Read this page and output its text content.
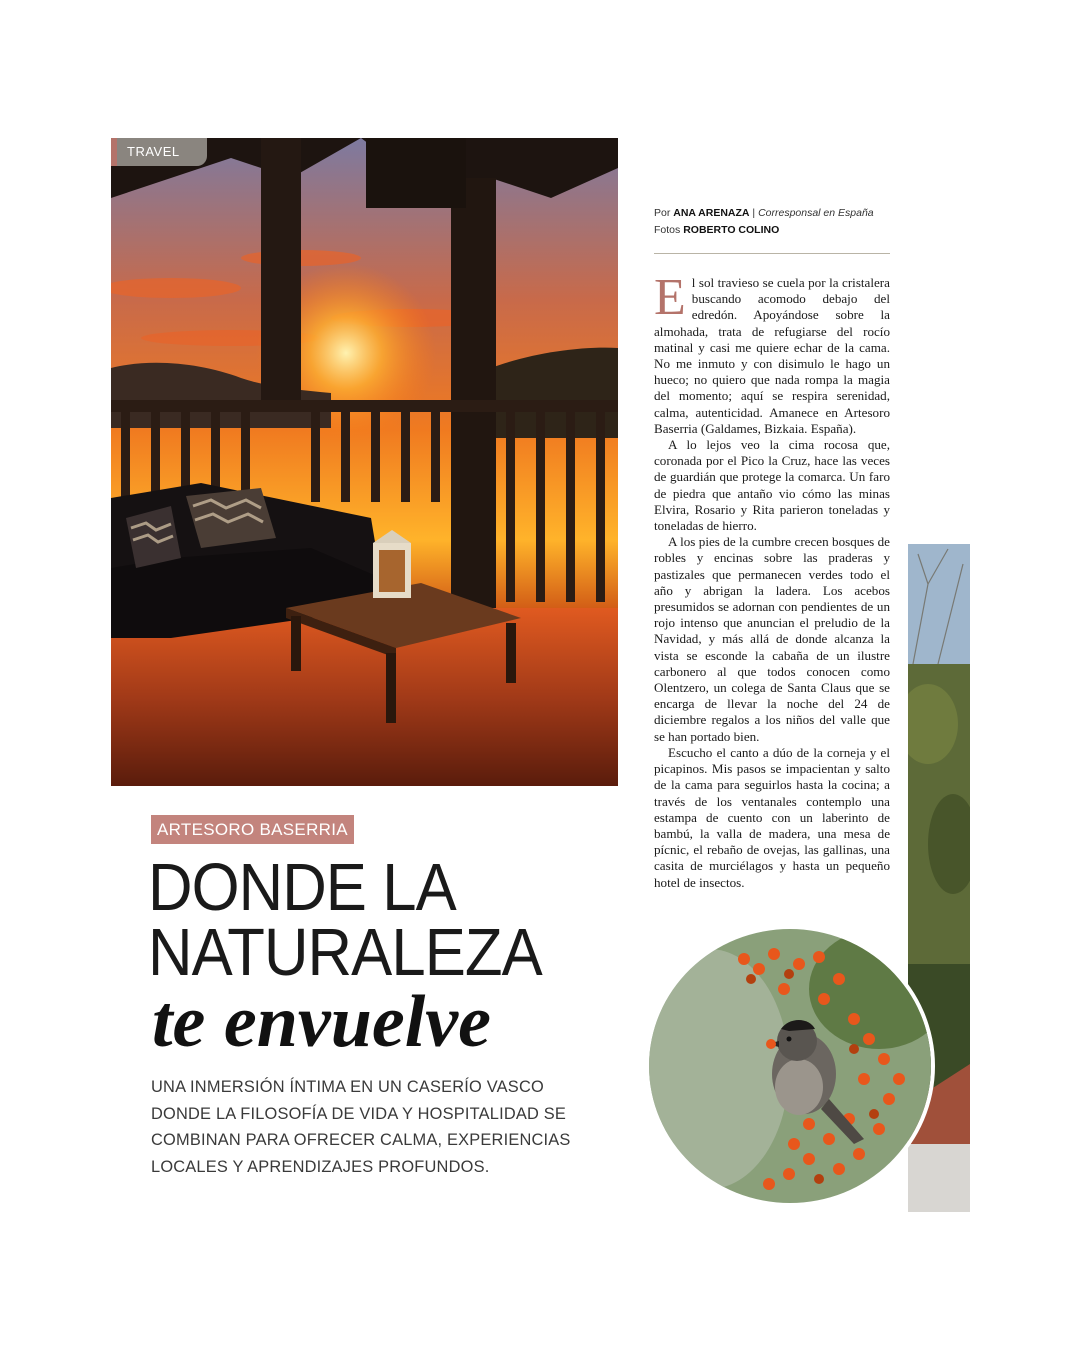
TRAVEL
Por ANA ARENAZA | Corresponsal en España
Fotos ROBERTO COLINO

El sol travieso se cuela por la cristalera buscando acomodo debajo del edredón. Apoyándose sobre la almohada, trata de refugiarse del rocío matinal y casi me quiere echar de la cama. No me inmuto y con disimulo le hago un hueco; no quiero que nada rompa la magia del momento; aquí se respira serenidad, calma, autenticidad. Amanece en Artesoro Baserria (Galdames, Bizkaia. España).

A lo lejos veo la cima rocosa que, coronada por el Pico la Cruz, hace las veces de guardián que protege la comarca. Un faro de piedra que antaño vio cómo las minas Elvira, Rosario y Rita parieron toneladas y toneladas de hierro.

A los pies de la cumbre crecen bosques de robles y encinas sobre las praderas y pastizales que permanecen verdes todo el año y abrigan la ladera. Los acebos presumidos se adornan con pendientes de un rojo intenso que anuncian el preludio de la Navidad, y más allá de donde alcanza la vista se esconde la cabaña de un ilustre carbonero al que todos conocen como Olentzero, un colega de Santa Claus que se encarga de llevar la noche del 24 de diciembre regalos a los niños del valle que se han portado bien.

Escucho el canto a dúo de la corneja y el picapinos. Mis pasos se impacientan y salto de la cama para seguirlos hasta la cocina; a través de los ventanales contemplo una estampa de cuento con un laberinto de bambú, la valla de madera, una mesa de pícnic, el rebaño de ovejas, las gallinas, una casita de murciélagos y hasta un pequeño hotel de insectos.

ARTESORO BASERRIA
DONDE LA
NATURALEZA
te envuelve
UNA INMERSIÓN ÍNTIMA EN UN CASERÍO VASCO DONDE LA FILOSOFÍA DE VIDA Y HOSPITALIDAD SE COMBINAN PARA OFRECER CALMA, EXPERIENCIAS LOCALES Y APRENDIZAJES PROFUNDOS.
